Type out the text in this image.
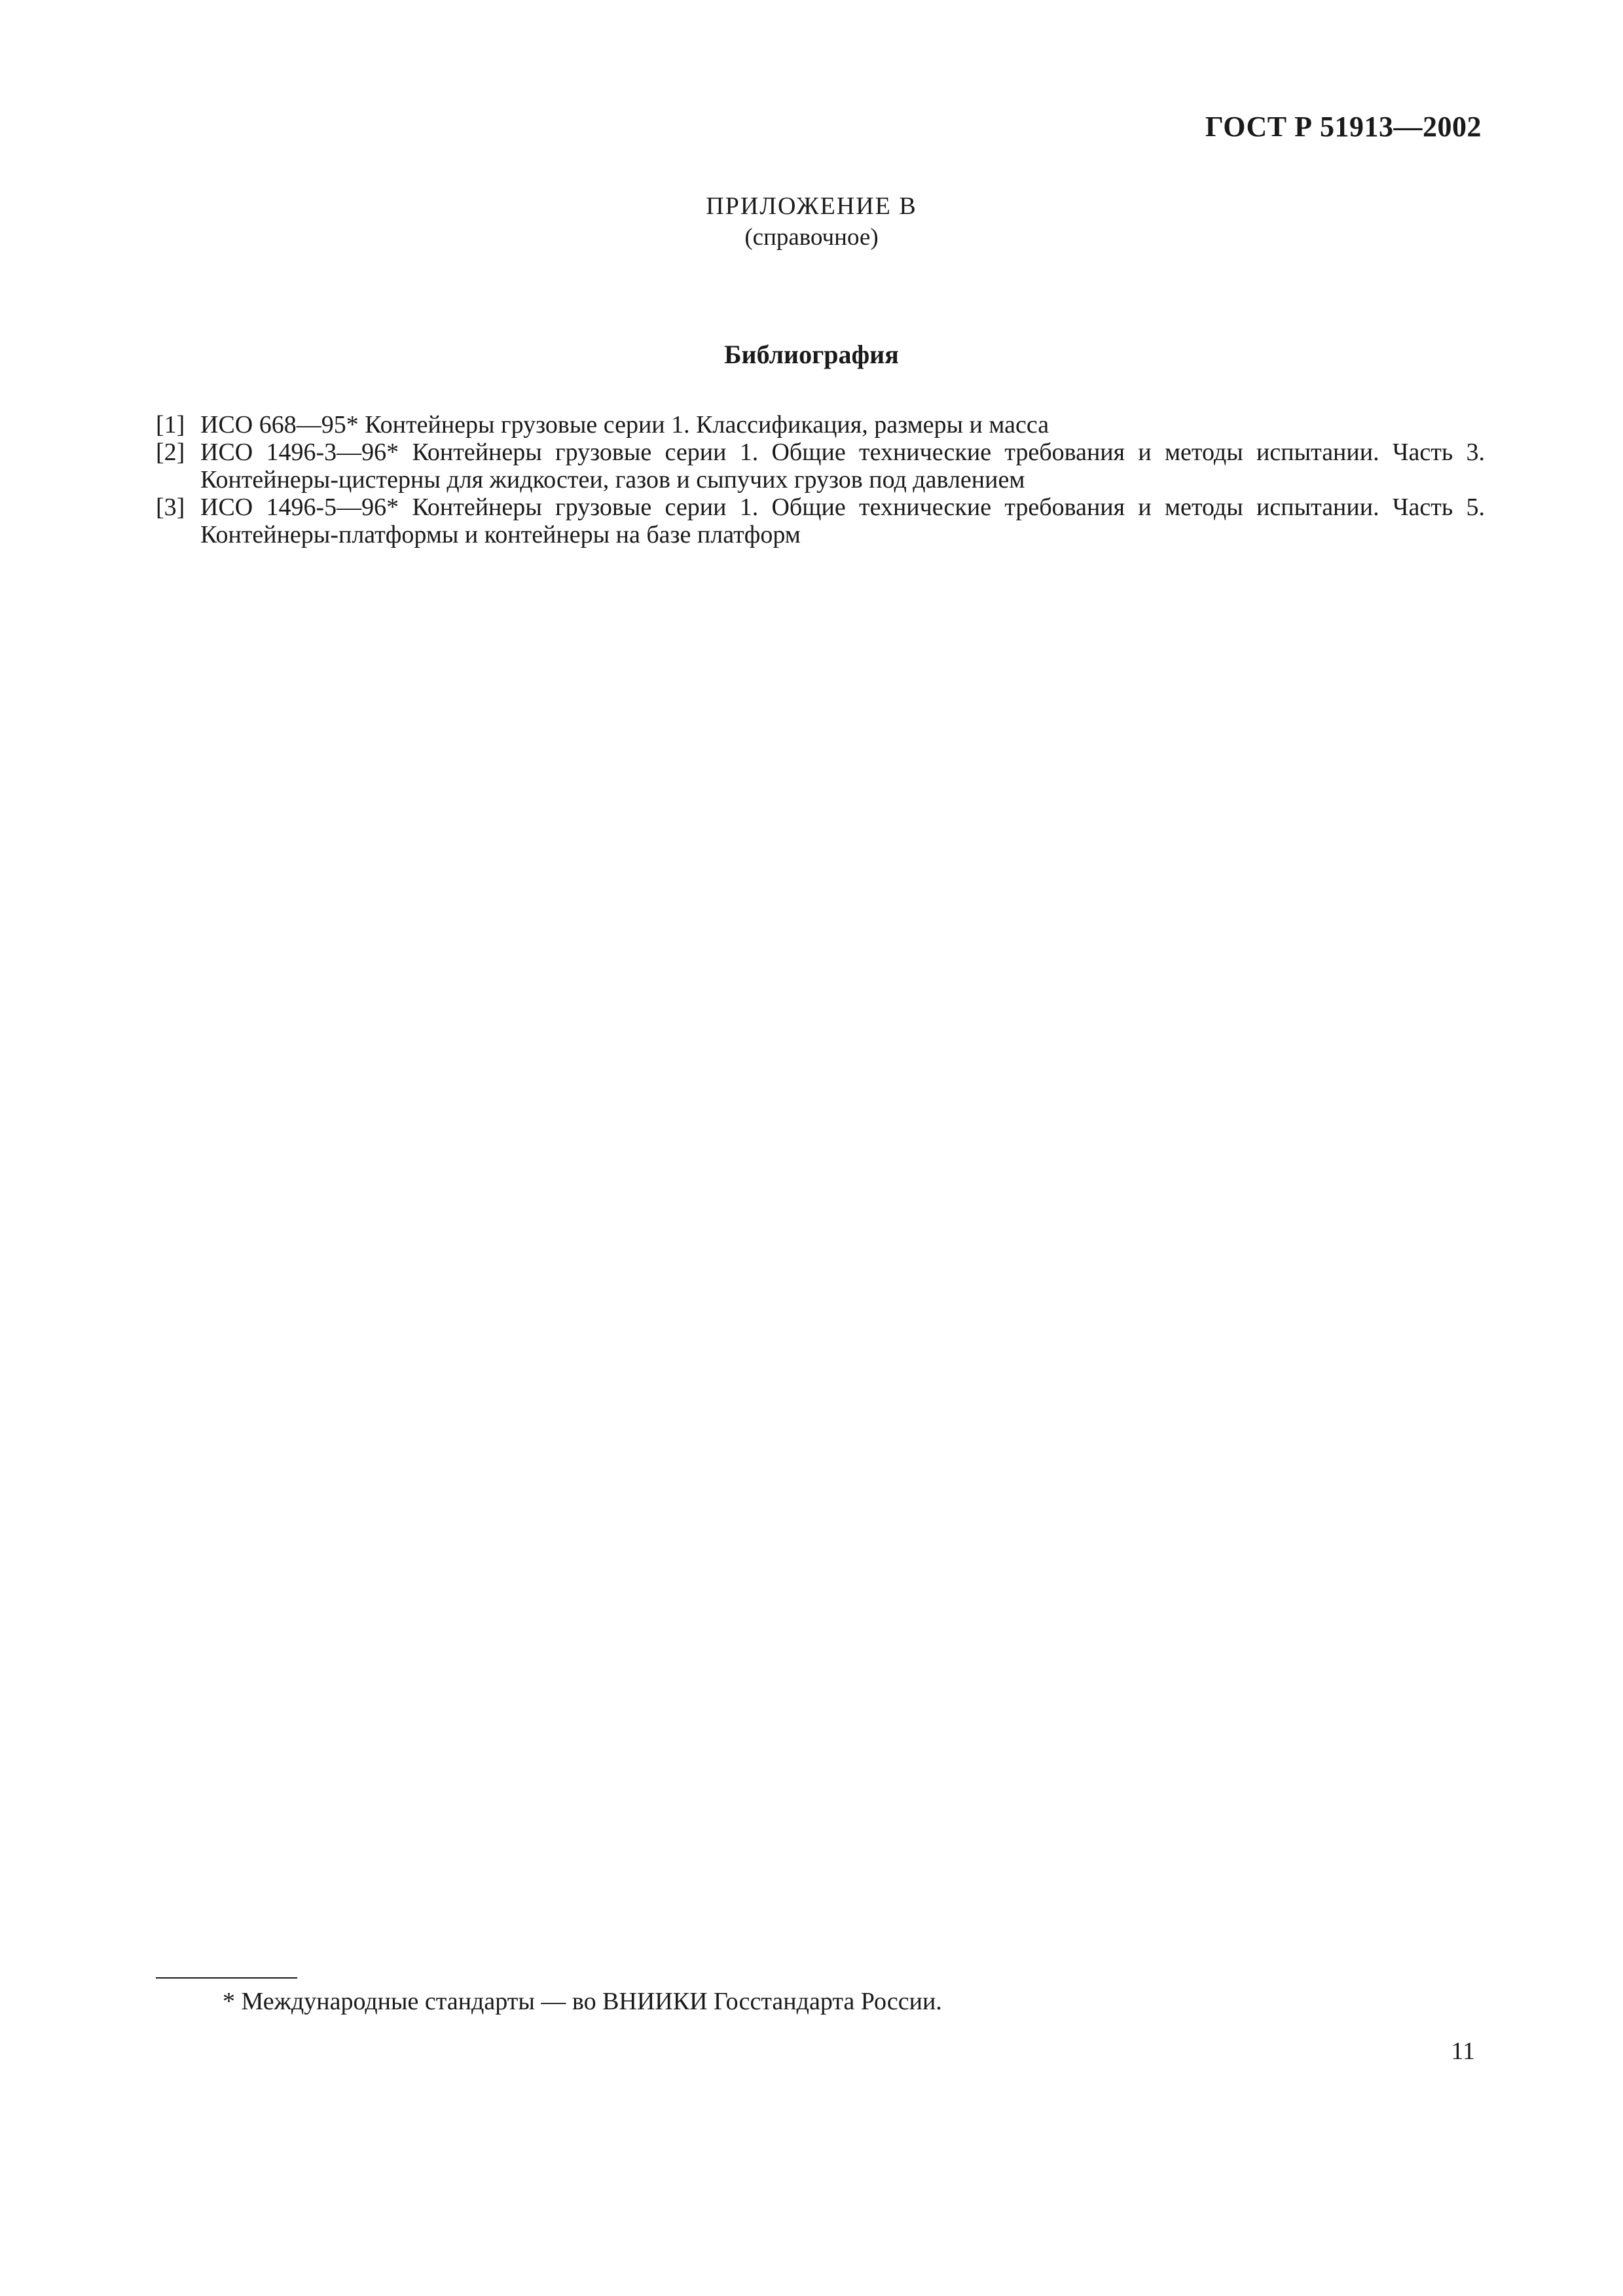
ГОСТ Р 51913—2002
ПРИЛОЖЕНИЕ В
(справочное)
Библиография
[1] ИСО 668—95* Контейнеры грузовые серии 1. Классификация, размеры и масса
[2] ИСО 1496-3—96* Контейнеры грузовые серии 1. Общие технические требования и методы испытании. Часть 3. Контейнеры-цистерны для жидкостеи, газов и сыпучих грузов под давлением
[3] ИСО 1496-5—96* Контейнеры грузовые серии 1. Общие технические требования и методы испытании. Часть 5. Контейнеры-платформы и контейнеры на базе платформ
* Международные стандарты — во ВНИИКИ Госстандарта России.
11
